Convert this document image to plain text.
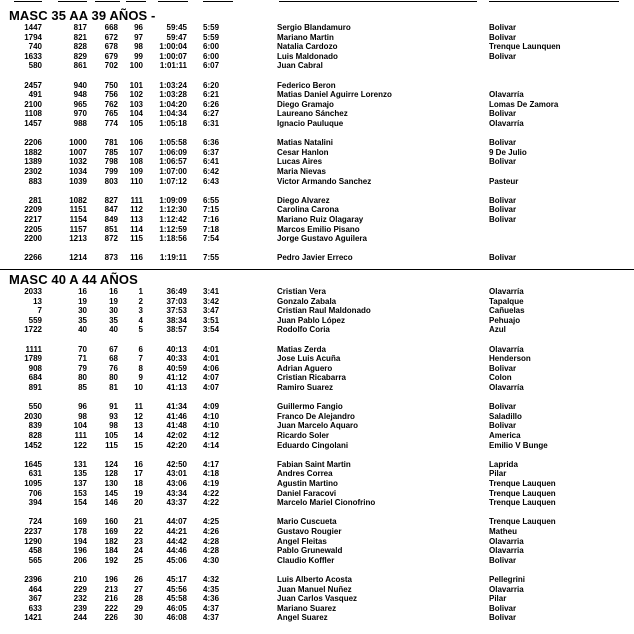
MASC 35 AA 39 AÑOS -
1447	817	668	96	59:45 5:59	Sergio Blandamuro	Bolivar
1794	821	672	97	59:47 5:59	Mariano Martin	Bolivar
740	828	678	98	1:00:04 6:00	Natalia Cardozo	Trenque Launquen
1633	829	679	99	1:00:07 6:00	Luis Maldonado	Bolivar
580	861	702	100	1:01:11 6:07	Juan Cabral
2457	940	750	101	1:03:24 6:20	Federico Beron
491	948	756	102	1:03:28 6:21	Matias Daniel Aguirre Lorenzo	Olavarría
2100	965	762	103	1:04:20 6:26	Diego Gramajo	Lomas De Zamora
1108	970	765	104	1:04:34 6:27	Laureano Sánchez	Bolivar
1457	988	774	105	1:05:18 6:31	Ignacio Pauluque	Olavarría
2206	1000	781	106	1:05:58 6:36	Matias Natalini	Bolivar
1882	1007	785	107	1:06:09 6:37	Cesar Hanlon	9 De Julio
1389	1032	798	108	1:06:57 6:41	Lucas Aires	Bolivar
2302	1034	799	109	1:07:00 6:42	Maria Nievas
883	1039	803	110	1:07:12 6:43	Victor Armando Sanchez	Pasteur
281	1082	827	111	1:09:09 6:55	Diego Alvarez	Bolivar
2209	1151	847	112	1:12:30 7:15	Carolina Carona	Bolivar
2217	1154	849	113	1:12:42 7:16	Mariano Ruiz Olagaray	Bolivar
2205	1157	851	114	1:12:59 7:18	Marcos Emilio Pisano
2200	1213	872	115	1:18:56 7:54	Jorge Gustavo Aguilera
2266	1214	873	116	1:19:11 7:55	Pedro Javier Erreco	Bolivar
MASC 40 A 44 AÑOS
2033	16	16	1	36:49 3:41	Cristian Vera	Olavarría
13	19	19	2	37:03 3:42	Gonzalo Zabala	Tapalque
7	30	30	3	37:53 3:47	Cristian Raul Maldonado	Cañuelas
559	35	35	4	38:34 3:51	Juan Pablo López	Pehuajo
1722	40	40	5	38:57 3:54	Rodolfo Coria	Azul
1111	70	67	6	40:13 4:01	Matias Zerda	Olavarría
1789	71	68	7	40:33 4:01	Jose Luis Acuña	Henderson
908	79	76	8	40:59 4:06	Adrian Aguero	Bolivar
684	80	80	9	41:12 4:07	Cristian Ricabarra	Colon
891	85	81	10	41:13 4:07	Ramiro Suarez	Olavarría
550	96	91	11	41:34 4:09	Guillermo Fangio	Bolivar
2030	98	93	12	41:46 4:10	Franco De Alejandro	Saladillo
839	104	98	13	41:48 4:10	Juan Marcelo Aquaro	Bolivar
828	111	105	14	42:02 4:12	Ricardo Soler	America
1452	122	115	15	42:20 4:14	Eduardo Cingolani	Emilio V Bunge
1645	131	124	16	42:50 4:17	Fabian Saint Martin	Laprida
631	135	128	17	43:01 4:18	Andres Correa	Pilar
1095	137	130	18	43:06 4:19	Agustin Martino	Trenque Lauquen
706	153	145	19	43:34 4:22	Daniel Faracovi	Trenque Lauquen
394	154	146	20	43:37 4:22	Marcelo Mariel Cionofrino	Trenque Lauquen
724	169	160	21	44:07 4:25	Mario Cuscueta	Trenque Lauquen
2237	178	169	22	44:21 4:26	Gustavo Rougier	Matheu
1290	194	182	23	44:42 4:28	Angel Fleitas	Olavarria
458	196	184	24	44:46 4:28	Pablo Grunewald	Olavarria
565	206	192	25	45:06 4:30	Claudio Koffler	Bolivar
2396	210	196	26	45:17 4:32	Luis Alberto Acosta	Pellegrini
464	229	213	27	45:56 4:35	Juan Manuel Nuñez	Olavarria
367	232	216	28	45:58 4:36	Juan Carlos Vasquez	Pilar
633	239	222	29	46:05 4:37	Mariano Suarez	Bolivar
1421	244	226	30	46:08 4:37	Angel Suarez	Bolivar
